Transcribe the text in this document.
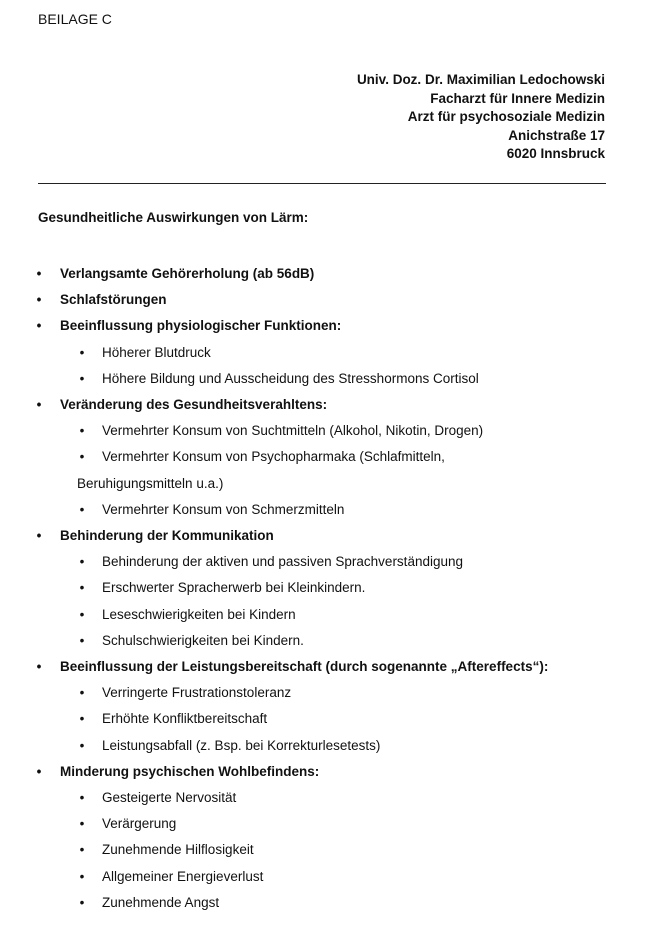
BEILAGE C
Univ. Doz. Dr. Maximilian Ledochowski
Facharzt für Innere Medizin
Arzt für psychosoziale Medizin
Anichstraße 17
6020 Innsbruck
Gesundheitliche Auswirkungen von Lärm:
• Verlangsamte Gehörerholung (ab 56dB)
• Schlafstörungen
• Beeinflussung physiologischer Funktionen:
• Höherer Blutdruck
• Höhere Bildung und Ausscheidung des Stresshormons Cortisol
• Veränderung des Gesundheitsverahltens:
• Vermehrter Konsum von Suchtmitteln (Alkohol, Nikotin, Drogen)
• Vermehrter Konsum von Psychopharmaka (Schlafmitteln,
Beruhigungsmitteln u.a.)
• Vermehrter Konsum von Schmerzmitteln
• Behinderung der Kommunikation
• Behinderung der aktiven und passiven Sprachverständigung
• Erschwerter Spracherwerb bei Kleinkindern.
• Leseschwierigkeiten bei Kindern
• Schulschwierigkeiten bei Kindern.
• Beeinflussung der Leistungsbereitschaft (durch sogenannte „Aftereffects“):
• Verringerte Frustrationstoleranz
• Erhöhte Konfliktbereitschaft
• Leistungsabfall (z. Bsp. bei Korrekturlesetests)
• Minderung psychischen Wohlbefindens:
• Gesteigerte Nervosität
• Verärgerung
• Zunehmende Hilflosigkeit
• Allgemeiner Energieverlust
• Zunehmende Angst
